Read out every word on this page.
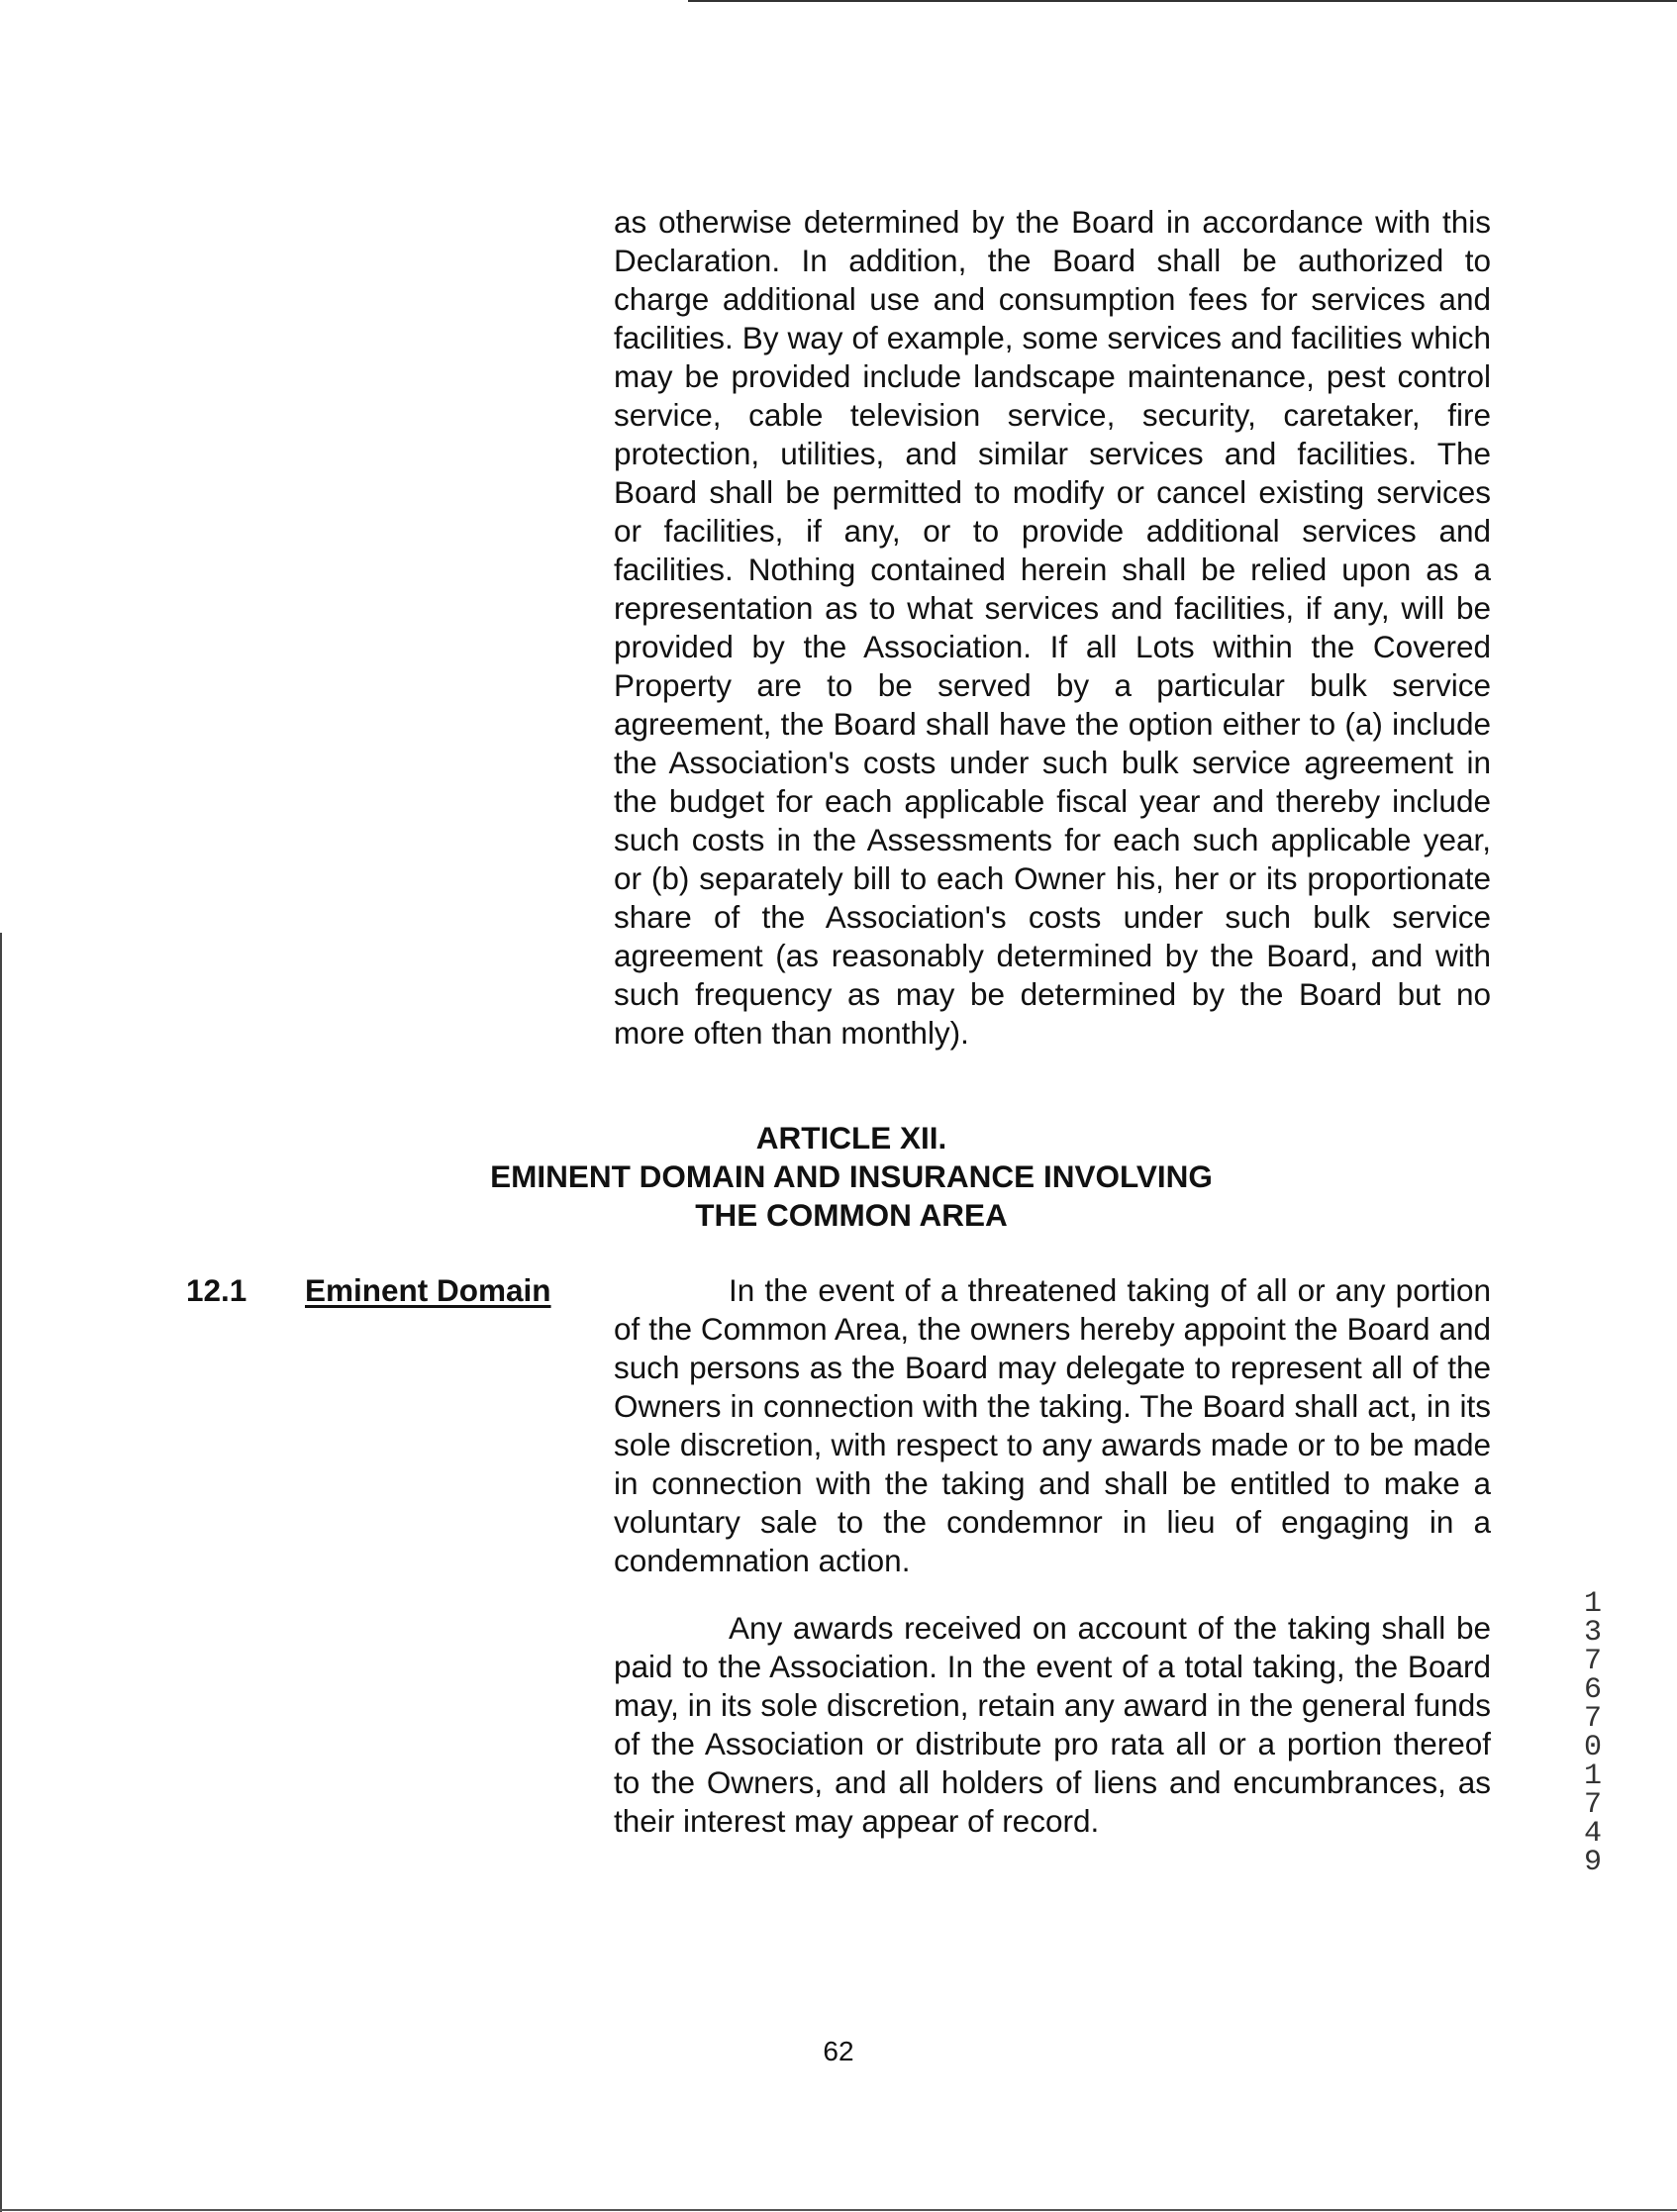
as otherwise determined by the Board in accordance with this Declaration. In addition, the Board shall be authorized to charge additional use and consumption fees for services and facilities. By way of example, some services and facilities which may be provided include landscape maintenance, pest control service, cable television service, security, caretaker, fire protection, utilities, and similar services and facilities. The Board shall be permitted to modify or cancel existing services or facilities, if any, or to provide additional services and facilities. Nothing contained herein shall be relied upon as a representation as to what services and facilities, if any, will be provided by the Association. If all Lots within the Covered Property are to be served by a particular bulk service agreement, the Board shall have the option either to (a) include the Association's costs under such bulk service agreement in the budget for each applicable fiscal year and thereby include such costs in the Assessments for each such applicable year, or (b) separately bill to each Owner his, her or its proportionate share of the Association's costs under such bulk service agreement (as reasonably determined by the Board, and with such frequency as may be determined by the Board but no more often than monthly).

ARTICLE XII.
EMINENT DOMAIN AND INSURANCE INVOLVING
THE COMMON AREA
12.1 Eminent Domain	In the event of a threatened taking of all or any portion of the Common Area, the owners hereby appoint the Board and such persons as the Board may delegate to represent all of the Owners in connection with the taking. The Board shall act, in its sole discretion, with respect to any awards made or to be made in connection with the taking and shall be entitled to make a voluntary sale to the condemnor in lieu of engaging in a condemnation action.

Any awards received on account of the taking shall be paid to the Association. In the event of a total taking, the Board may, in its sole discretion, retain any award in the general funds of the Association or distribute pro rata all or a portion thereof to the Owners, and all holders of liens and encumbrances, as their interest may appear of record.

13767 01749
62
